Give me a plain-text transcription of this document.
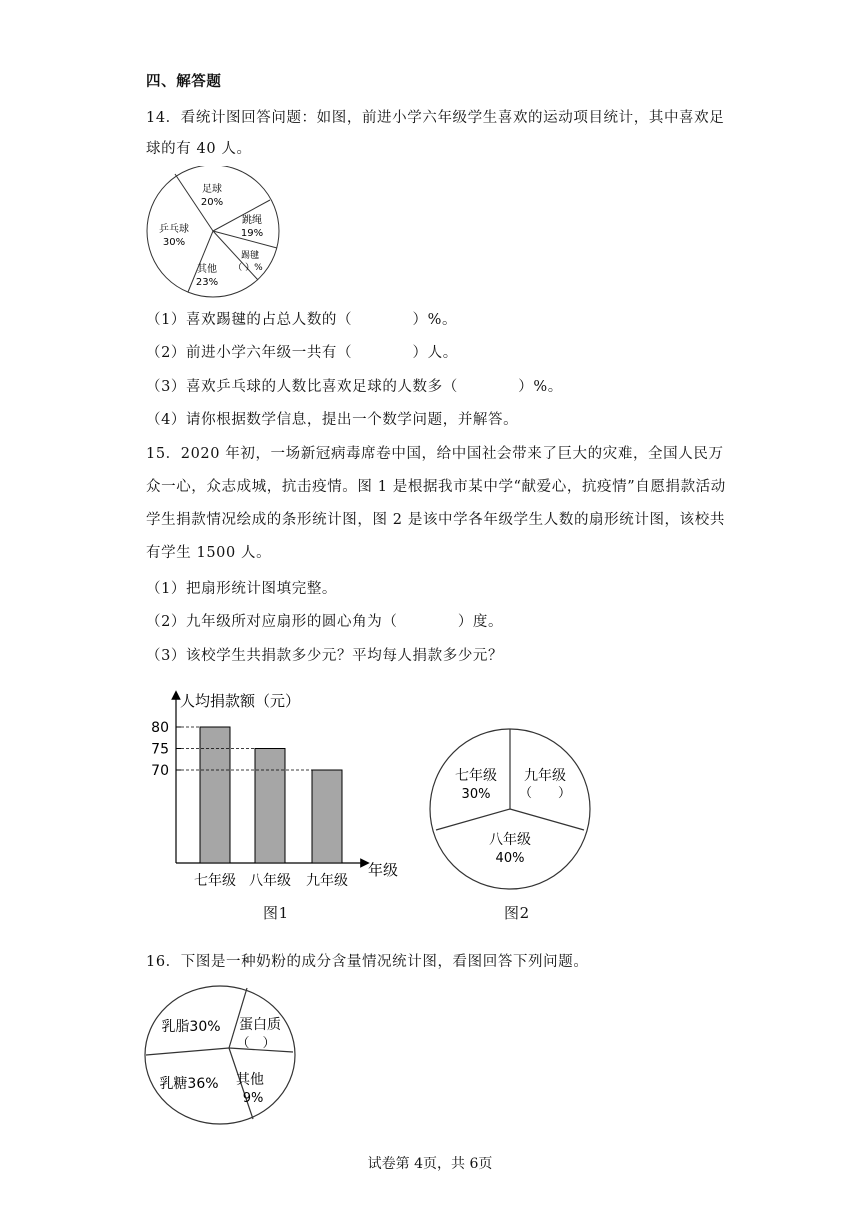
四、解答题
14．看统计图回答问题：如图，前进小学六年级学生喜欢的运动项目统计，其中喜欢足
球的有 40 人。
足球
20%
跳绳
19%
踢毽
（ ）%
其他
23%
乒乓球
30%
（1）喜欢踢毽的占总人数的（　　　　）%。
（2）前进小学六年级一共有（　　　　）人。
（3）喜欢乒乓球的人数比喜欢足球的人数多（　　　　）%。
（4）请你根据数学信息，提出一个数学问题，并解答。
15．2020 年初，一场新冠病毒席卷中国，给中国社会带来了巨大的灾难，全国人民万
众一心，众志成城，抗击疫情。图 1 是根据我市某中学“献爱心，抗疫情”自愿捐款活动
学生捐款情况绘成的条形统计图，图 2 是该中学各年级学生人数的扇形统计图，该校共
有学生 1500 人。
（1）把扇形统计图填完整。
（2）九年级所对应扇形的圆心角为（　　　　）度。
（3）该校学生共捐款多少元？平均每人捐款多少元？
人均捐款额（元）
年级
70
75
80
七年级 八年级 九年级
图1
七年级
30%
九年级
（　　）
八年级
40%
图2
16．下图是一种奶粉的成分含量情况统计图，看图回答下列问题。
乳脂30% 蛋白质
（　）
乳糖36% 其他
9%
试卷第 4页，共 6页
